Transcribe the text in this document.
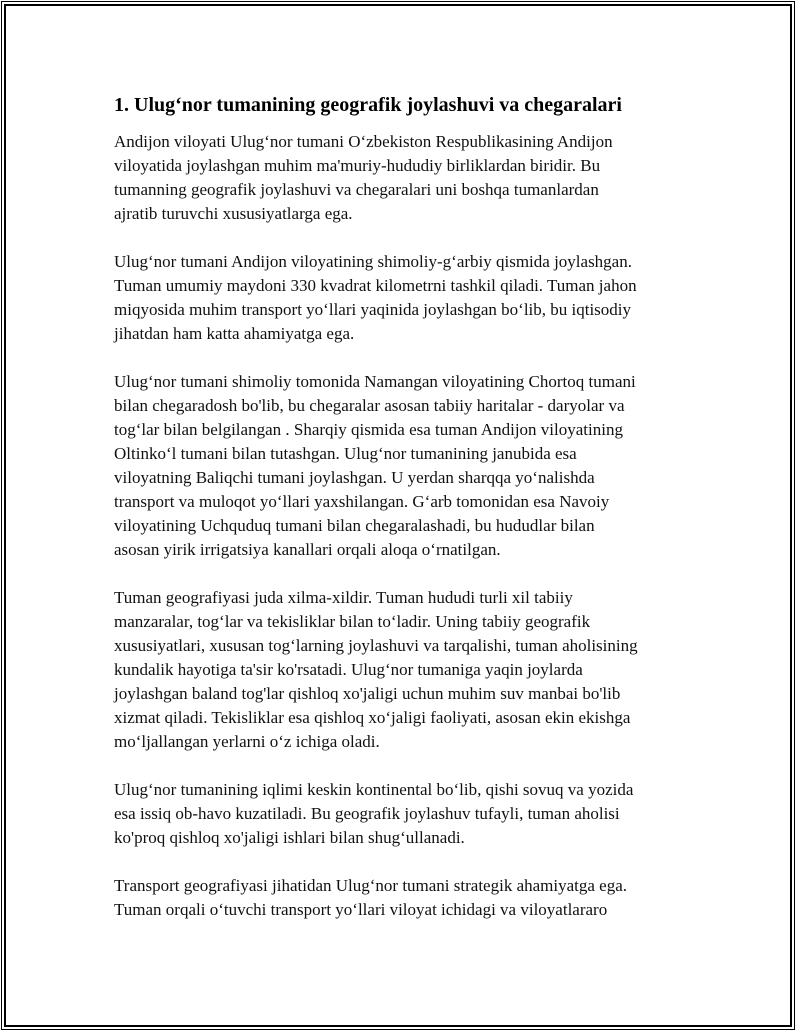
1. Ulug‘nor tumanining geografik joylashuvi va chegaralari

Andijon viloyati Ulug‘nor tumani O‘zbekiston Respublikasining Andijon
viloyatida joylashgan muhim ma'muriy-hududiy birliklardan biridir. Bu
tumanning geografik joylashuvi va chegaralari uni boshqa tumanlardan
ajratib turuvchi xususiyatlarga ega.

Ulug‘nor tumani Andijon viloyatining shimoliy-g‘arbiy qismida joylashgan.
Tuman umumiy maydoni 330 kvadrat kilometrni tashkil qiladi. Tuman jahon
miqyosida muhim transport yo‘llari yaqinida joylashgan bo‘lib, bu iqtisodiy
jihatdan ham katta ahamiyatga ega.

Ulug‘nor tumani shimoliy tomonida Namangan viloyatining Chortoq tumani
bilan chegaradosh bo'lib, bu chegaralar asosan tabiiy haritalar - daryolar va
tog‘lar bilan belgilangan . Sharqiy qismida esa tuman Andijon viloyatining
Oltinko‘l tumani bilan tutashgan. Ulug‘nor tumanining janubida esa
viloyatning Baliqchi tumani joylashgan. U yerdan sharqqa yo‘nalishda
transport va muloqot yo‘llari yaxshilangan. G‘arb tomonidan esa Navoiy
viloyatining Uchquduq tumani bilan chegaralashadi, bu hududlar bilan
asosan yirik irrigatsiya kanallari orqali aloqa o‘rnatilgan.

Tuman geografiyasi juda xilma-xildir. Tuman hududi turli xil tabiiy
manzaralar, tog‘lar va tekisliklar bilan to‘ladir. Uning tabiiy geografik
xususiyatlari, xususan tog‘larning joylashuvi va tarqalishi, tuman aholisining
kundalik hayotiga ta'sir ko'rsatadi. Ulug‘nor tumaniga yaqin joylarda
joylashgan baland tog'lar qishloq xo'jaligi uchun muhim suv manbai bo'lib
xizmat qiladi. Tekisliklar esa qishloq xo‘jaligi faoliyati, asosan ekin ekishga
mo‘ljallangan yerlarni o‘z ichiga oladi.

Ulug‘nor tumanining iqlimi keskin kontinental bo‘lib, qishi sovuq va yozida
esa issiq ob-havo kuzatiladi. Bu geografik joylashuv tufayli, tuman aholisi
ko'proq qishloq xo'jaligi ishlari bilan shug‘ullanadi.

Transport geografiyasi jihatidan Ulug‘nor tumani strategik ahamiyatga ega.
Tuman orqali o‘tuvchi transport yo‘llari viloyat ichidagi va viloyatlararo
